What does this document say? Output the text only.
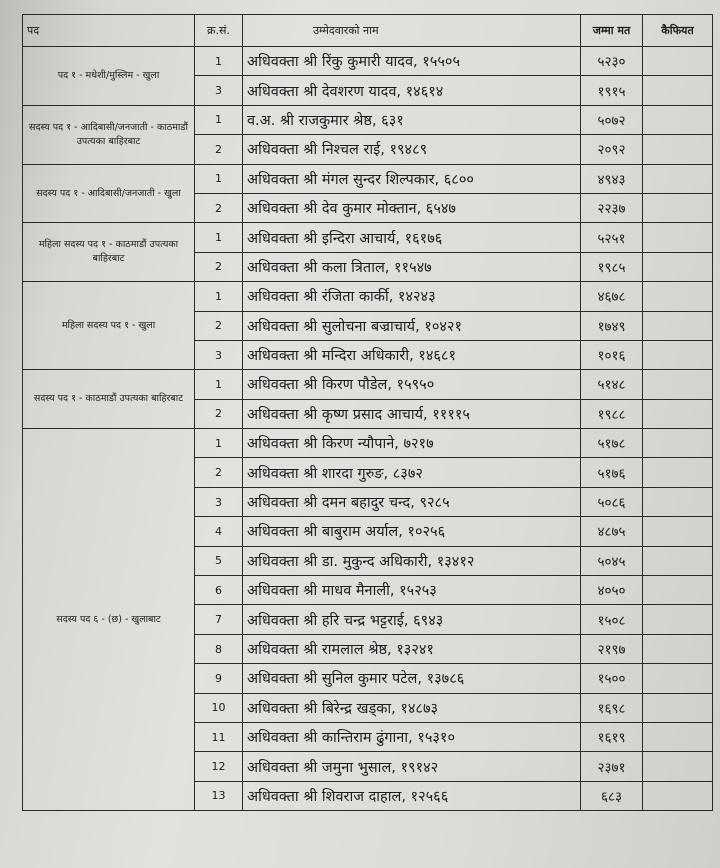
पद	क्र.सं.	उम्मेदवारको नाम	जम्मा मत	कैफियत
पद १ - मधेशी/मुस्लिम - खुला	1	अधिवक्ता श्री रिंकु कुमारी यादव, १५५०५	५२३०	
	3	अधिवक्ता श्री देवशरण यादव, १४६१४	१९१५	
सदस्य पद १ - आदिबासी/जनजाती - काठमाडौं उपत्यका बाहिरबाट	1	व.अ. श्री राजकुमार श्रेष्ठ, ६३१	५०७२	
	2	अधिवक्ता श्री निश्चल राई, १९४८९	२०९२	
सदस्य पद १ - आदिबासी/जनजाती - खुला	1	अधिवक्ता श्री मंगल सुन्दर शिल्पकार, ६८००	४९४३	
	2	अधिवक्ता श्री देव कुमार मोक्तान, ६५४७	२२३७	
महिला सदस्य पद १ - काठमाडौं उपत्यका बाहिरबाट	1	अधिवक्ता श्री इन्दिरा आचार्य, १६१७६	५२५१	
	2	अधिवक्ता श्री कला त्रिताल, ११५४७	१९८५	
महिला सदस्य पद १ - खुला	1	अधिवक्ता श्री रंजिता कार्की, १४२४३	४६७८	
	2	अधिवक्ता श्री सुलोचना बज्राचार्य, १०४२१	१७४९	
	3	अधिवक्ता श्री मन्दिरा अधिकारी, १४६८१	१०१६	
सदस्य पद १ - काठमाडौं उपत्यका बाहिरबाट	1	अधिवक्ता श्री किरण पौडेल, १५९५०	५१४८	
	2	अधिवक्ता श्री कृष्ण प्रसाद आचार्य, ११११५	१९८८	
सदस्य पद ६ - (छ) - खुलाबाट	1	अधिवक्ता श्री किरण न्यौपाने, ७२१७	५१७८	
	2	अधिवक्ता श्री शारदा गुरुङ, ८३७२	५१७६	
	3	अधिवक्ता श्री दमन बहादुर चन्द, ९२८५	५०८६	
	4	अधिवक्ता श्री बाबुराम अर्याल, १०२५६	४८७५	
	5	अधिवक्ता श्री डा. मुकुन्द अधिकारी, १३४१२	५०४५	
	6	अधिवक्ता श्री माधव मैनाली, १५२५३	४०५०	
	7	अधिवक्ता श्री हरि चन्द्र भट्टराई, ६९४३	१५०८	
	8	अधिवक्ता श्री रामलाल श्रेष्ठ, १३२४१	२१९७	
	9	अधिवक्ता श्री सुनिल कुमार पटेल, १३७८६	१५००	
	10	अधिवक्ता श्री बिरेन्द्र खड्का, १४८७३	१६९८	
	11	अधिवक्ता श्री कान्तिराम ढुंगाना, १५३१०	१६१९	
	12	अधिवक्ता श्री जमुना भुसाल, १९१४२	२३७१	
	13	अधिवक्ता श्री शिवराज दाहाल, १२५६६	६८३	
